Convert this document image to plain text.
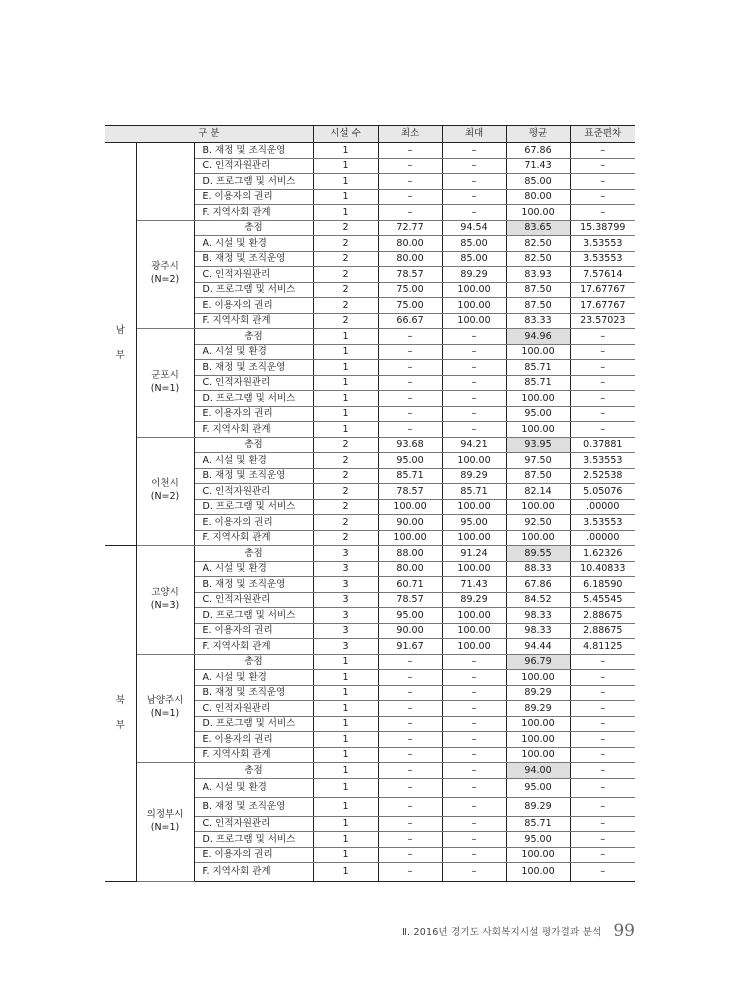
구 분			시설 수	최소	최대	평균	표준편차
남
부		B. 재정 및 조직운영	1	–	–	67.86	–
		C. 인적자원관리	1	–	–	71.43	–
		D. 프로그램 및 서비스	1	–	–	85.00	–
		E. 이용자의 권리	1	–	–	80.00	–
		F. 지역사회 관계	1	–	–	100.00	–
	광주시 (N=2)	총점	2	72.77	94.54	83.65	15.38799
		A. 시설 및 환경	2	80.00	85.00	82.50	3.53553
		B. 재정 및 조직운영	2	80.00	85.00	82.50	3.53553
		C. 인적자원관리	2	78.57	89.29	83.93	7.57614
		D. 프로그램 및 서비스	2	75.00	100.00	87.50	17.67767
		E. 이용자의 권리	2	75.00	100.00	87.50	17.67767
		F. 지역사회 관계	2	66.67	100.00	83.33	23.57023
	군포시 (N=1)	총점	1	–	–	94.96	–
		A. 시설 및 환경	1	–	–	100.00	–
		B. 재정 및 조직운영	1	–	–	85.71	–
		C. 인적자원관리	1	–	–	85.71	–
		D. 프로그램 및 서비스	1	–	–	100.00	–
		E. 이용자의 권리	1	–	–	95.00	–
		F. 지역사회 관계	1	–	–	100.00	–
	이천시 (N=2)	총점	2	93.68	94.21	93.95	0.37881
		A. 시설 및 환경	2	95.00	100.00	97.50	3.53553
		B. 재정 및 조직운영	2	85.71	89.29	87.50	2.52538
		C. 인적자원관리	2	78.57	85.71	82.14	5.05076
		D. 프로그램 및 서비스	2	100.00	100.00	100.00	.00000
		E. 이용자의 권리	2	90.00	95.00	92.50	3.53553
		F. 지역사회 관계	2	100.00	100.00	100.00	.00000
북
부	고양시 (N=3)	총점	3	88.00	91.24	89.55	1.62326
		A. 시설 및 환경	3	80.00	100.00	88.33	10.40833
		B. 재정 및 조직운영	3	60.71	71.43	67.86	6.18590
		C. 인적자원관리	3	78.57	89.29	84.52	5.45545
		D. 프로그램 및 서비스	3	95.00	100.00	98.33	2.88675
		E. 이용자의 권리	3	90.00	100.00	98.33	2.88675
		F. 지역사회 관계	3	91.67	100.00	94.44	4.81125
	남양주시 (N=1)	총점	1	–	–	96.79	–
		A. 시설 및 환경	1	–	–	100.00	–
		B. 재정 및 조직운영	1	–	–	89.29	–
		C. 인적자원관리	1	–	–	89.29	–
		D. 프로그램 및 서비스	1	–	–	100.00	–
		E. 이용자의 권리	1	–	–	100.00	–
		F. 지역사회 관계	1	–	–	100.00	–
	의정부시 (N=1)	총점	1	–	–	94.00	–
		A. 시설 및 환경	1	–	–	95.00	–
		B. 재정 및 조직운영	1	–	–	89.29	–
		C. 인적자원관리	1	–	–	85.71	–
		D. 프로그램 및 서비스	1	–	–	95.00	–
		E. 이용자의 권리	1	–	–	100.00	–
		F. 지역사회 관계	1	–	–	100.00	–
Ⅱ. 2016년 경기도 사회복지시설 평가결과 분석 99
